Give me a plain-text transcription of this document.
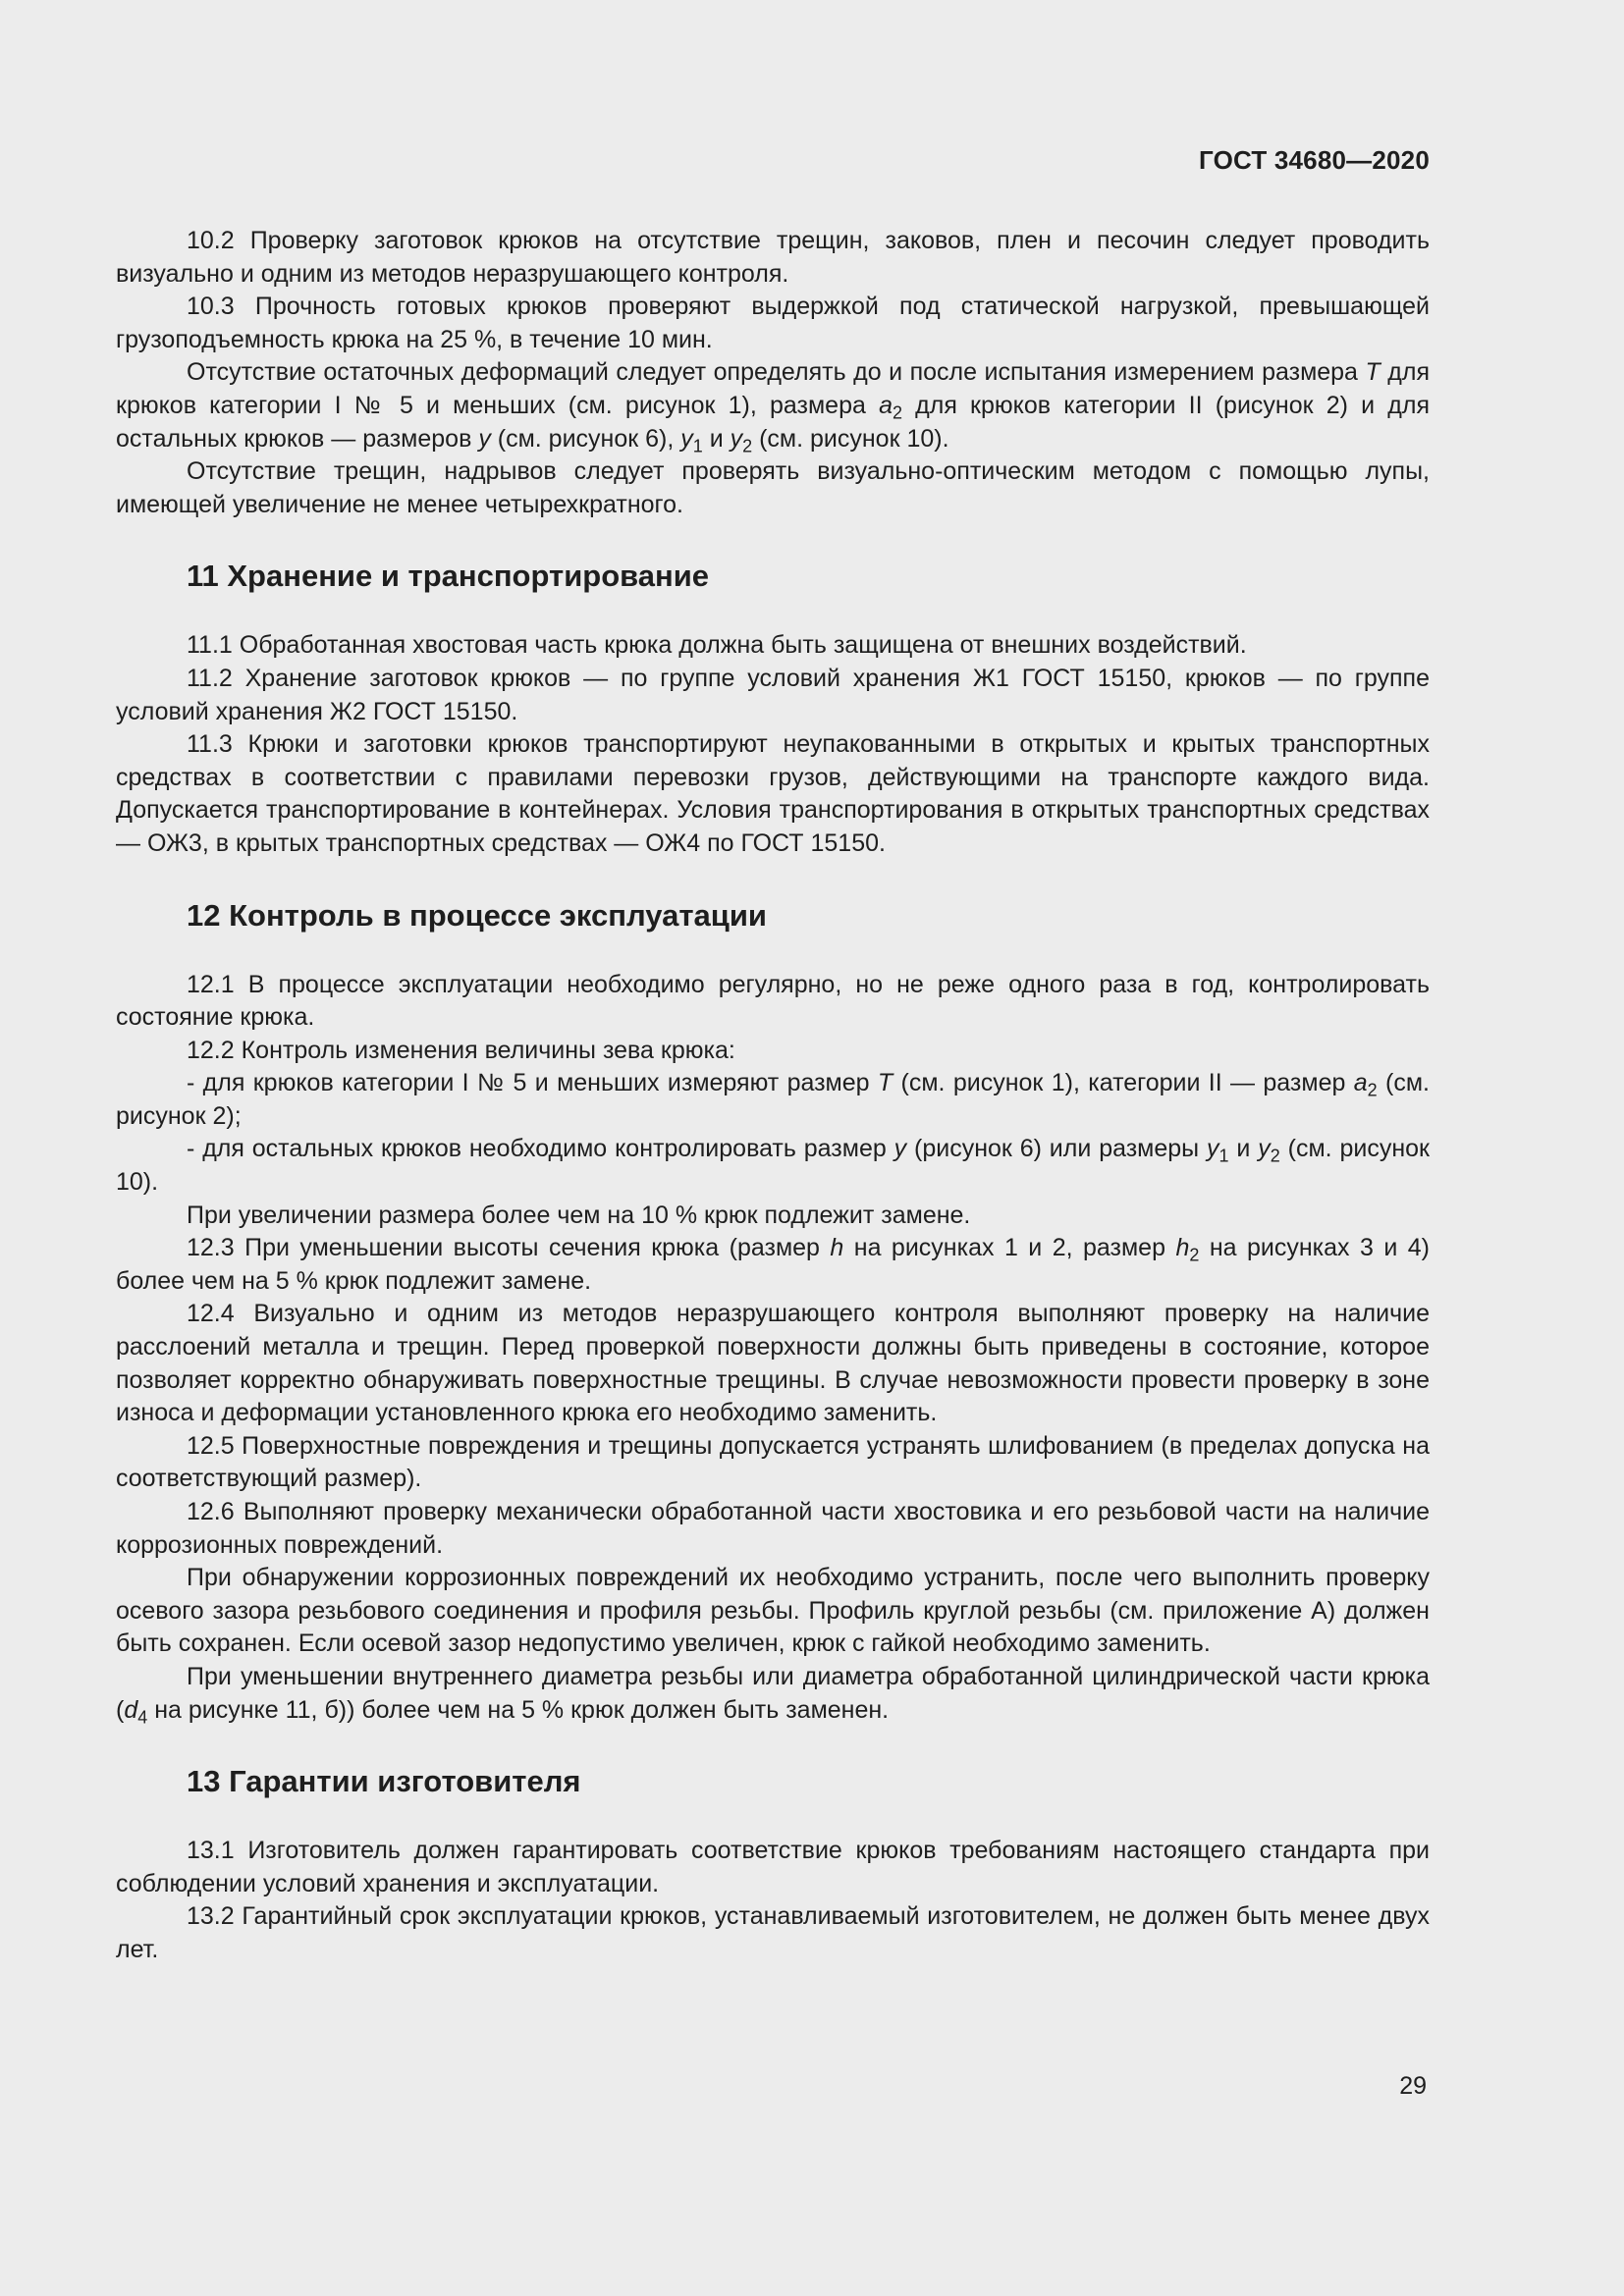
ГОСТ 34680—2020

10.2 Проверку заготовок крюков на отсутствие трещин, заковов, плен и песочин следует проводить визуально и одним из методов неразрушающего контроля.

10.3 Прочность готовых крюков проверяют выдержкой под статической нагрузкой, превышающей грузоподъемность крюка на 25 %, в течение 10 мин.

Отсутствие остаточных деформаций следует определять до и после испытания измерением размера T для крюков категории I № 5 и меньших (см. рисунок 1), размера $a_2$ для крюков категории II (рисунок 2) и для остальных крюков — размеров y (см. рисунок 6), $y_1$ и $y_2$ (см. рисунок 10).

Отсутствие трещин, надрывов следует проверять визуально-оптическим методом с помощью лупы, имеющей увеличение не менее четырехкратного.

11 Хранение и транспортирование

11.1 Обработанная хвостовая часть крюка должна быть защищена от внешних воздействий.

11.2 Хранение заготовок крюков — по группе условий хранения Ж1 ГОСТ 15150, крюков — по группе условий хранения Ж2 ГОСТ 15150.

11.3 Крюки и заготовки крюков транспортируют неупакованными в открытых и крытых транспортных средствах в соответствии с правилами перевозки грузов, действующими на транспорте каждого вида. Допускается транспортирование в контейнерах. Условия транспортирования в открытых транспортных средствах — ОЖ3, в крытых транспортных средствах — ОЖ4 по ГОСТ 15150.

12 Контроль в процессе эксплуатации

12.1 В процессе эксплуатации необходимо регулярно, но не реже одного раза в год, контролировать состояние крюка.

12.2 Контроль изменения величины зева крюка:

- для крюков категории I № 5 и меньших измеряют размер T (см. рисунок 1), категории II — размер $a_2$ (см. рисунок 2);

- для остальных крюков необходимо контролировать размер y (рисунок 6) или размеры $y_1$ и $y_2$ (см. рисунок 10).

При увеличении размера более чем на 10 % крюк подлежит замене.

12.3 При уменьшении высоты сечения крюка (размер h на рисунках 1 и 2, размер $h_2$ на рисунках 3 и 4) более чем на 5 % крюк подлежит замене.

12.4 Визуально и одним из методов неразрушающего контроля выполняют проверку на наличие расслоений металла и трещин. Перед проверкой поверхности должны быть приведены в состояние, которое позволяет корректно обнаруживать поверхностные трещины. В случае невозможности провести проверку в зоне износа и деформации установленного крюка его необходимо заменить.

12.5 Поверхностные повреждения и трещины допускается устранять шлифованием (в пределах допуска на соответствующий размер).

12.6 Выполняют проверку механически обработанной части хвостовика и его резьбовой части на наличие коррозионных повреждений.

При обнаружении коррозионных повреждений их необходимо устранить, после чего выполнить проверку осевого зазора резьбового соединения и профиля резьбы. Профиль круглой резьбы (см. приложение А) должен быть сохранен. Если осевой зазор недопустимо увеличен, крюк с гайкой необходимо заменить.

При уменьшении внутреннего диаметра резьбы или диаметра обработанной цилиндрической части крюка ($d_4$ на рисунке 11, б)) более чем на 5 % крюк должен быть заменен.

13 Гарантии изготовителя

13.1 Изготовитель должен гарантировать соответствие крюков требованиям настоящего стандарта при соблюдении условий хранения и эксплуатации.

13.2 Гарантийный срок эксплуатации крюков, устанавливаемый изготовителем, не должен быть менее двух лет.

29
